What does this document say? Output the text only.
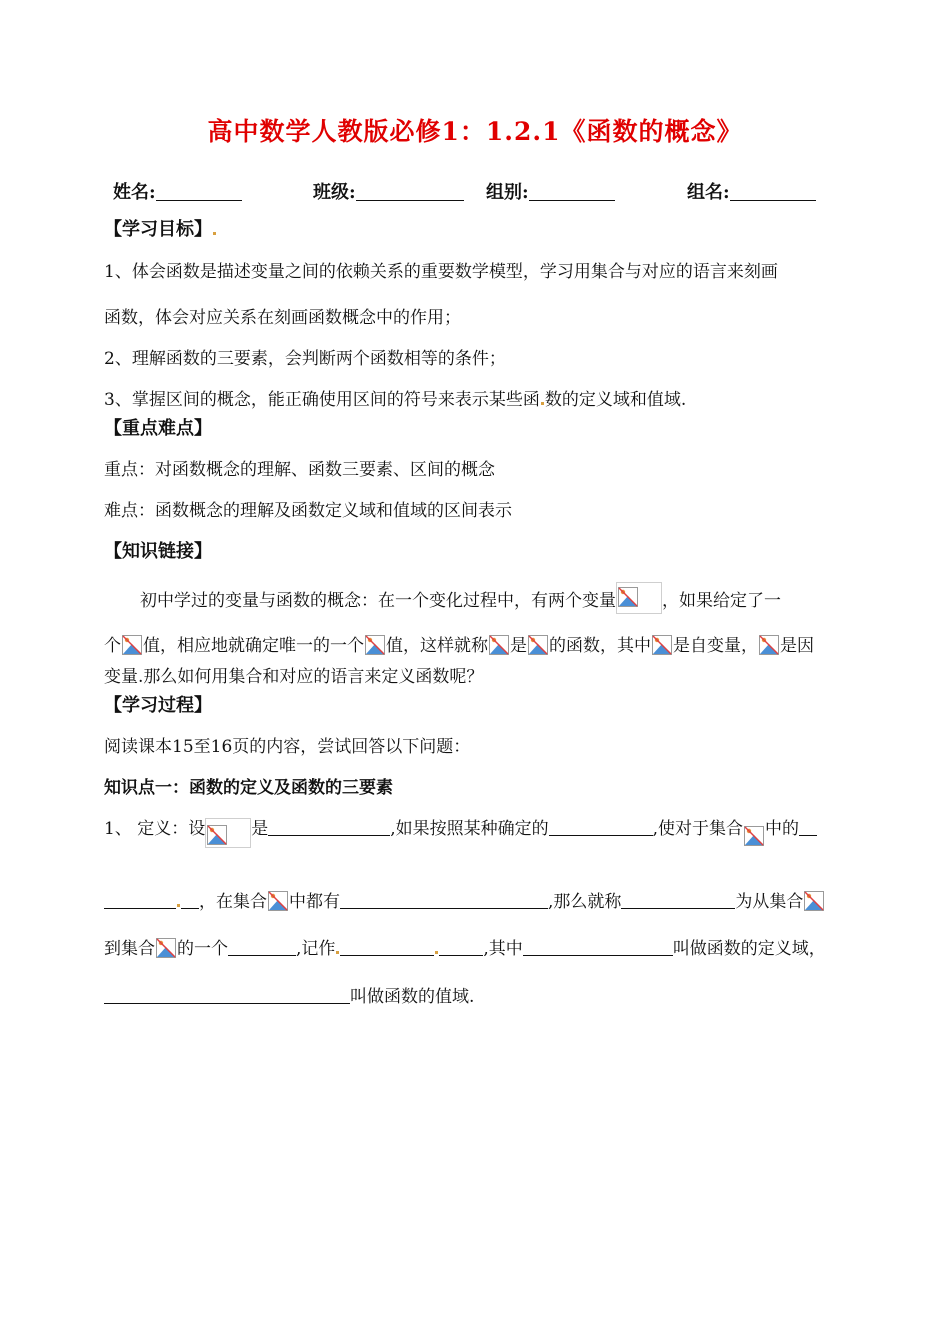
高中数学人教版必修1：1.2.1《函数的概念》
姓名:	班级:	组别:	组名:
【学习目标】
1、体会函数是描述变量之间的依赖关系的重要数学模型，学习用集合与对应的语言来刻画
函数，体会对应关系在刻画函数概念中的作用；
2、理解函数的三要素，会判断两个函数相等的条件；
3、掌握区间的概念，能正确使用区间的符号来表示某些函 数的定义域和值域.
【重点难点】
重点：对函数概念的理解、函数三要素、区间的概念
难点：函数概念的理解及函数定义域和值域的区间表示
【知识链接】
初中学过的变量与函数的概念：在一个变化过程中，有两个变量	，如果给定了一
个 值，相应地就确定唯一的一个 值，这样就称 是 的函数，其中 是自变量， 是因
变量.那么如何用集合和对应的语言来定义函数呢？
【学习过程】
阅读课本15至16页的内容，尝试回答以下问题：
知识点一：函数的定义及函数的三要素
1、 定义：设	是	,如果按照某种确定的	,使对于集合 中的
，在集合 中都有	,那么就称	为从集合
到集合 的一个	,记作	,其中	叫做函数的定义域，
叫做函数的值域.
